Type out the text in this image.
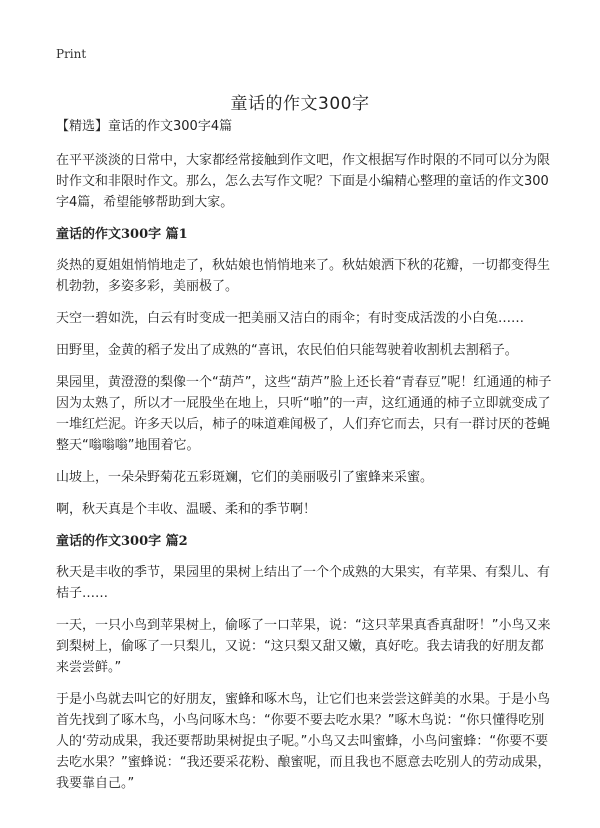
Print
童话的作文300字

【精选】童话的作文300字4篇

在平平淡淡的日常中，大家都经常接触到作文吧，作文根据写作时限的不同可以分为限时作文和非限时作文。那么，怎么去写作文呢？下面是小编精心整理的童话的作文300字4篇，希望能够帮助到大家。

童话的作文300字 篇1

炎热的夏姐姐悄悄地走了，秋姑娘也悄悄地来了。秋姑娘洒下秋的花瓣，一切都变得生机勃勃，多姿多彩，美丽极了。

天空一碧如洗，白云有时变成一把美丽又洁白的雨伞；有时变成活泼的小白兔……

田野里，金黄的稻子发出了成熟的“喜讯，农民伯伯只能驾驶着收割机去割稻子。

果园里，黄澄澄的梨像一个“葫芦”，这些“葫芦”脸上还长着“青春豆”呢！红通通的柿子因为太熟了，所以才一屁股坐在地上，只听“啪”的一声，这红通通的柿子立即就变成了一堆红烂泥。许多天以后，柿子的味道难闻极了，人们弃它而去，只有一群讨厌的苍蝇整天“嗡嗡嗡”地围着它。

山坡上，一朵朵野菊花五彩斑斓，它们的美丽吸引了蜜蜂来采蜜。

啊，秋天真是个丰收、温暖、柔和的季节啊！

童话的作文300字 篇2

秋天是丰收的季节，果园里的果树上结出了一个个成熟的大果实，有苹果、有梨儿、有桔子……

一天，一只小鸟到苹果树上，偷啄了一口苹果，说：“这只苹果真香真甜呀！”小鸟又来到梨树上，偷啄了一只梨儿，又说：“这只梨又甜又嫩，真好吃。我去请我的好朋友都来尝尝鲜。”

于是小鸟就去叫它的好朋友，蜜蜂和啄木鸟，让它们也来尝尝这鲜美的水果。于是小鸟首先找到了啄木鸟，小鸟问啄木鸟：“你要不要去吃水果？”啄木鸟说：“你只懂得吃别人的‘劳动成果，我还要帮助果树捉虫子呢。”小鸟又去叫蜜蜂，小鸟问蜜蜂：“你要不要去吃水果？”蜜蜂说：“我还要采花粉、酿蜜呢，而且我也不愿意去吃别人的劳动成果，我要靠自己。”
